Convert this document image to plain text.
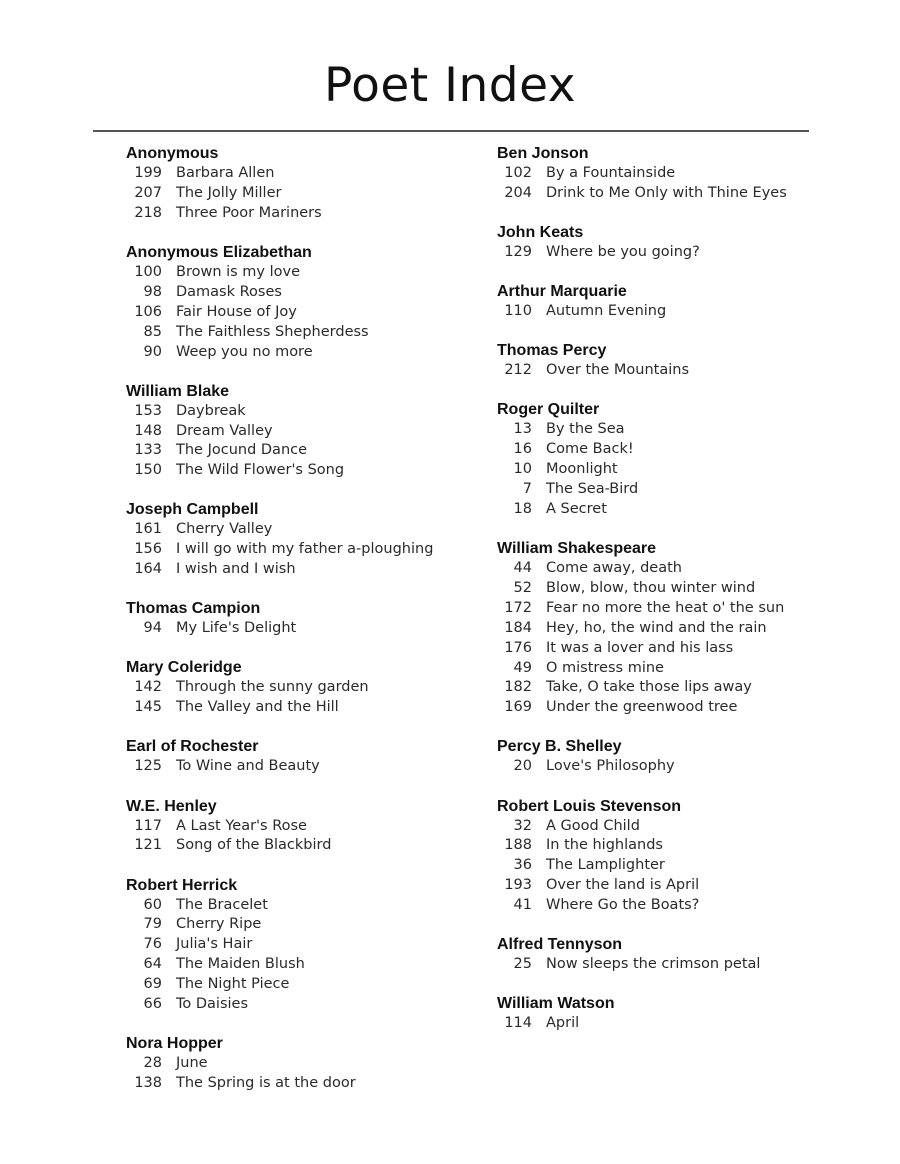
Poet Index
Anonymous
199 Barbara Allen
207 The Jolly Miller
218 Three Poor Mariners
Anonymous Elizabethan
100 Brown is my love
98 Damask Roses
106 Fair House of Joy
85 The Faithless Shepherdess
90 Weep you no more
William Blake
153 Daybreak
148 Dream Valley
133 The Jocund Dance
150 The Wild Flower's Song
Joseph Campbell
161 Cherry Valley
156 I will go with my father a-ploughing
164 I wish and I wish
Thomas Campion
94 My Life's Delight
Mary Coleridge
142 Through the sunny garden
145 The Valley and the Hill
Earl of Rochester
125 To Wine and Beauty
W.E. Henley
117 A Last Year's Rose
121 Song of the Blackbird
Robert Herrick
60 The Bracelet
79 Cherry Ripe
76 Julia's Hair
64 The Maiden Blush
69 The Night Piece
66 To Daisies
Nora Hopper
28 June
138 The Spring is at the door
Ben Jonson
102 By a Fountainside
204 Drink to Me Only with Thine Eyes
John Keats
129 Where be you going?
Arthur Marquarie
110 Autumn Evening
Thomas Percy
212 Over the Mountains
Roger Quilter
13 By the Sea
16 Come Back!
10 Moonlight
7 The Sea-Bird
18 A Secret
William Shakespeare
44 Come away, death
52 Blow, blow, thou winter wind
172 Fear no more the heat o' the sun
184 Hey, ho, the wind and the rain
176 It was a lover and his lass
49 O mistress mine
182 Take, O take those lips away
169 Under the greenwood tree
Percy B. Shelley
20 Love's Philosophy
Robert Louis Stevenson
32 A Good Child
188 In the highlands
36 The Lamplighter
193 Over the land is April
41 Where Go the Boats?
Alfred Tennyson
25 Now sleeps the crimson petal
William Watson
114 April
